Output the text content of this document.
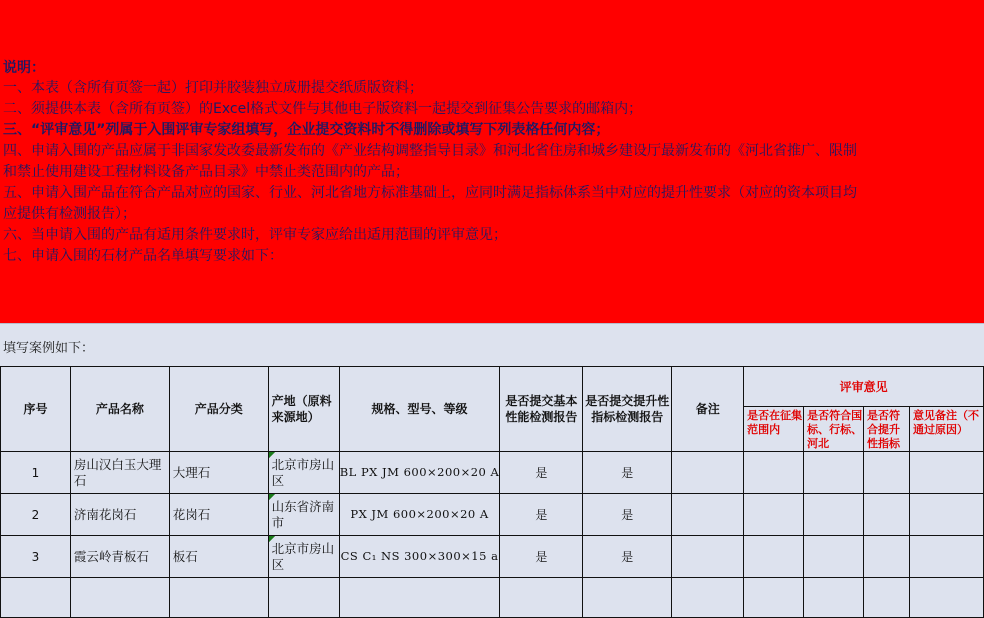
说明：
一、本表（含所有页签一起）打印并胶装独立成册提交纸质版资料；
二、须提供本表（含所有页签）的Excel格式文件与其他电子版资料一起提交到征集公告要求的邮箱内；
三、“评审意见”列属于入围评审专家组填写，企业提交资料时不得删除或填写下列表格任何内容；
四、申请入围的产品应属于非国家发改委最新发布的《产业结构调整指导目录》和河北省住房和城乡建设厅最新发布的《河北省推广、限制
和禁止使用建设工程材料设备产品目录》中禁止类范围内的产品；
五、申请入围产品在符合产品对应的国家、行业、河北省地方标准基础上，应同时满足指标体系当中对应的提升性要求（对应的资本项目均
应提供有检测报告）；
六、当申请入围的产品有适用条件要求时，评审专家应给出适用范围的评审意见；
七、申请入围的石材产品名单填写要求如下：
填写案例如下：
序号	产品名称	产品分类	产地（原料来源地）	规格、型号、等级	是否提交基本性能检测报告	是否提交提升性指标检测报告	备注	评审意见			
								是否在征集范围内	是否符合国标、行标、河北	是否符合提升性指标	意见备注（不通过原因）
1	房山汉白玉大理石	大理石	北京市房山区	BL PX JM 600×200×20 A	是	是					
2	济南花岗石	花岗石	山东省济南市	PX JM 600×200×20 A	是	是					
3	霞云岭青板石	板石	北京市房山区	CS C₁ NS 300×300×15 a	是	是					
